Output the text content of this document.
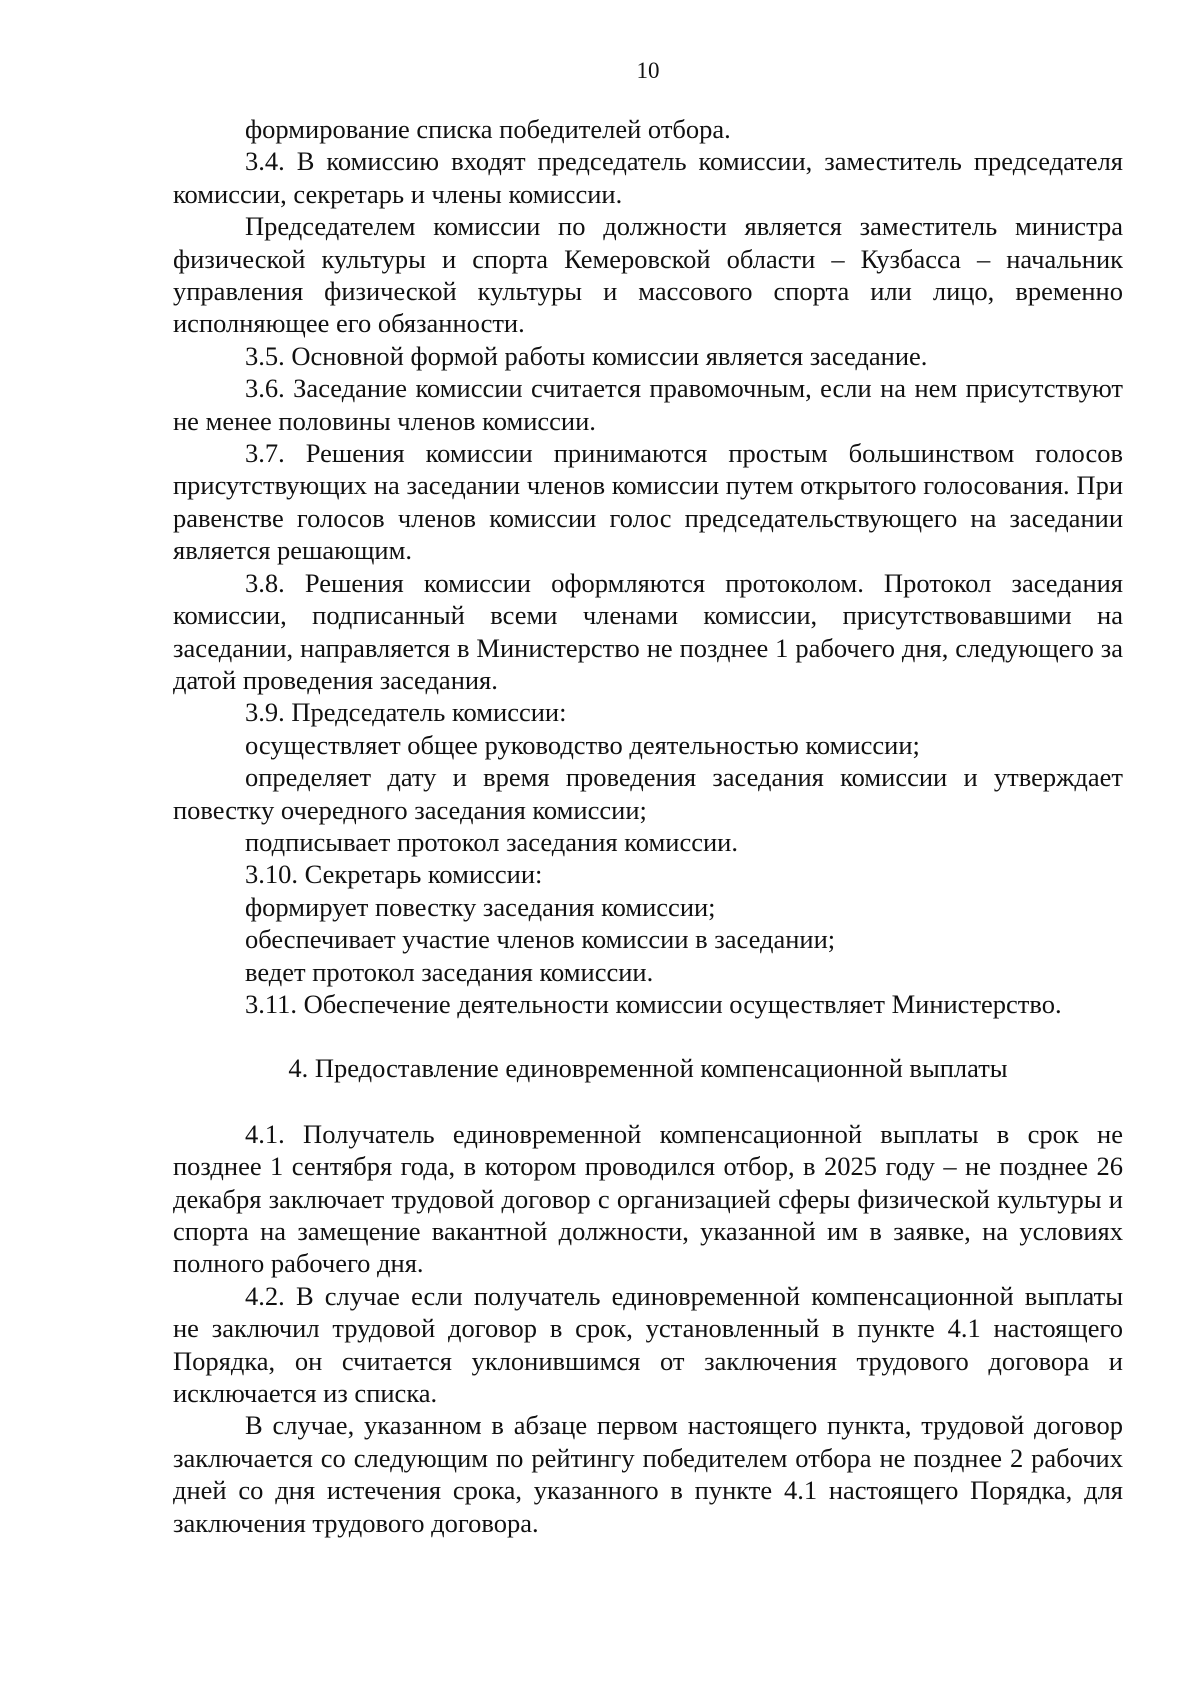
10

формирование списка победителей отбора.

3.4. В комиссию входят председатель комиссии, заместитель председателя комиссии, секретарь и члены комиссии.

Председателем комиссии по должности является заместитель министра физической культуры и спорта Кемеровской области – Кузбасса – начальник управления физической культуры и массового спорта или лицо, временно исполняющее его обязанности.

3.5. Основной формой работы комиссии является заседание.

3.6. Заседание комиссии считается правомочным, если на нем присутствуют не менее половины членов комиссии.

3.7. Решения комиссии принимаются простым большинством голосов присутствующих на заседании членов комиссии путем открытого голосования. При равенстве голосов членов комиссии голос председательствующего на заседании является решающим.

3.8. Решения комиссии оформляются протоколом. Протокол заседания комиссии, подписанный всеми членами комиссии, присутствовавшими на заседании, направляется в Министерство не позднее 1 рабочего дня, следующего за датой проведения заседания.

3.9. Председатель комиссии:

осуществляет общее руководство деятельностью комиссии;

определяет дату и время проведения заседания комиссии и утверждает повестку очередного заседания комиссии;

подписывает протокол заседания комиссии.

3.10. Секретарь комиссии:

формирует повестку заседания комиссии;

обеспечивает участие членов комиссии в заседании;

ведет протокол заседания комиссии.

3.11. Обеспечение деятельности комиссии осуществляет Министерство.

4. Предоставление единовременной компенсационной выплаты

4.1. Получатель единовременной компенсационной выплаты в срок не позднее 1 сентября года, в котором проводился отбор, в 2025 году – не позднее 26 декабря заключает трудовой договор с организацией сферы физической культуры и спорта на замещение вакантной должности, указанной им в заявке, на условиях полного рабочего дня.

4.2. В случае если получатель единовременной компенсационной выплаты не заключил трудовой договор в срок, установленный в пункте 4.1 настоящего Порядка, он считается уклонившимся от заключения трудового договора и исключается из списка.

В случае, указанном в абзаце первом настоящего пункта, трудовой договор заключается со следующим по рейтингу победителем отбора не позднее 2 рабочих дней со дня истечения срока, указанного в пункте 4.1 настоящего Порядка, для заключения трудового договора.
